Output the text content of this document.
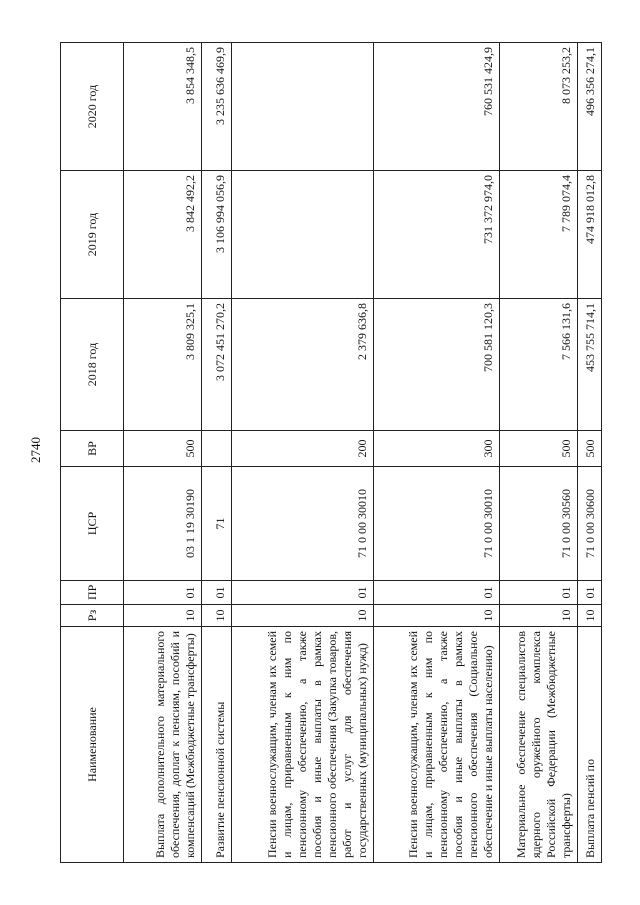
2740
Наименование	Рз	ПР	ЦСР	ВР	2018 год	2019 год	2020 год
Выплата дополнительного материального обеспечения, доплат к пенсиям, пособий и компенсаций (Межбюджетные трансферты)	10	01	03 1 19 30190	500	3 809 325,1	3 842 492,2	3 854 348,5
Развитие пенсионной системы	10	01	71		3 072 451 270,2	3 106 994 056,9	3 235 636 469,9
Пенсии военнослужащим, членам их семей и лицам, приравненным к ним по пенсионному обеспечению, а также пособия и иные выплаты в рамках пенсионного обеспечения (Закупка товаров, работ и услуг для обеспечения государственных (муниципальных) нужд)	10	01	71 0 00 30010	200	2 379 636,8		
Пенсии военнослужащим, членам их семей и лицам, приравненным к ним по пенсионному обеспечению, а также пособия и иные выплаты в рамках пенсионного обеспечения (Социальное обеспечение и иные выплаты населению)	10	01	71 0 00 30010	300	700 581 120,3	731 372 974,0	760 531 424,9
Материальное обеспечение специалистов ядерного оружейного комплекса Российской Федерации (Межбюджетные трансферты)	10	01	71 0 00 30560	500	7 566 131,6	7 789 074,4	8 073 253,2
Выплата пенсий по	10	01	71 0 00 30600	500	453 755 714,1	474 918 012,8	496 356 274,1
